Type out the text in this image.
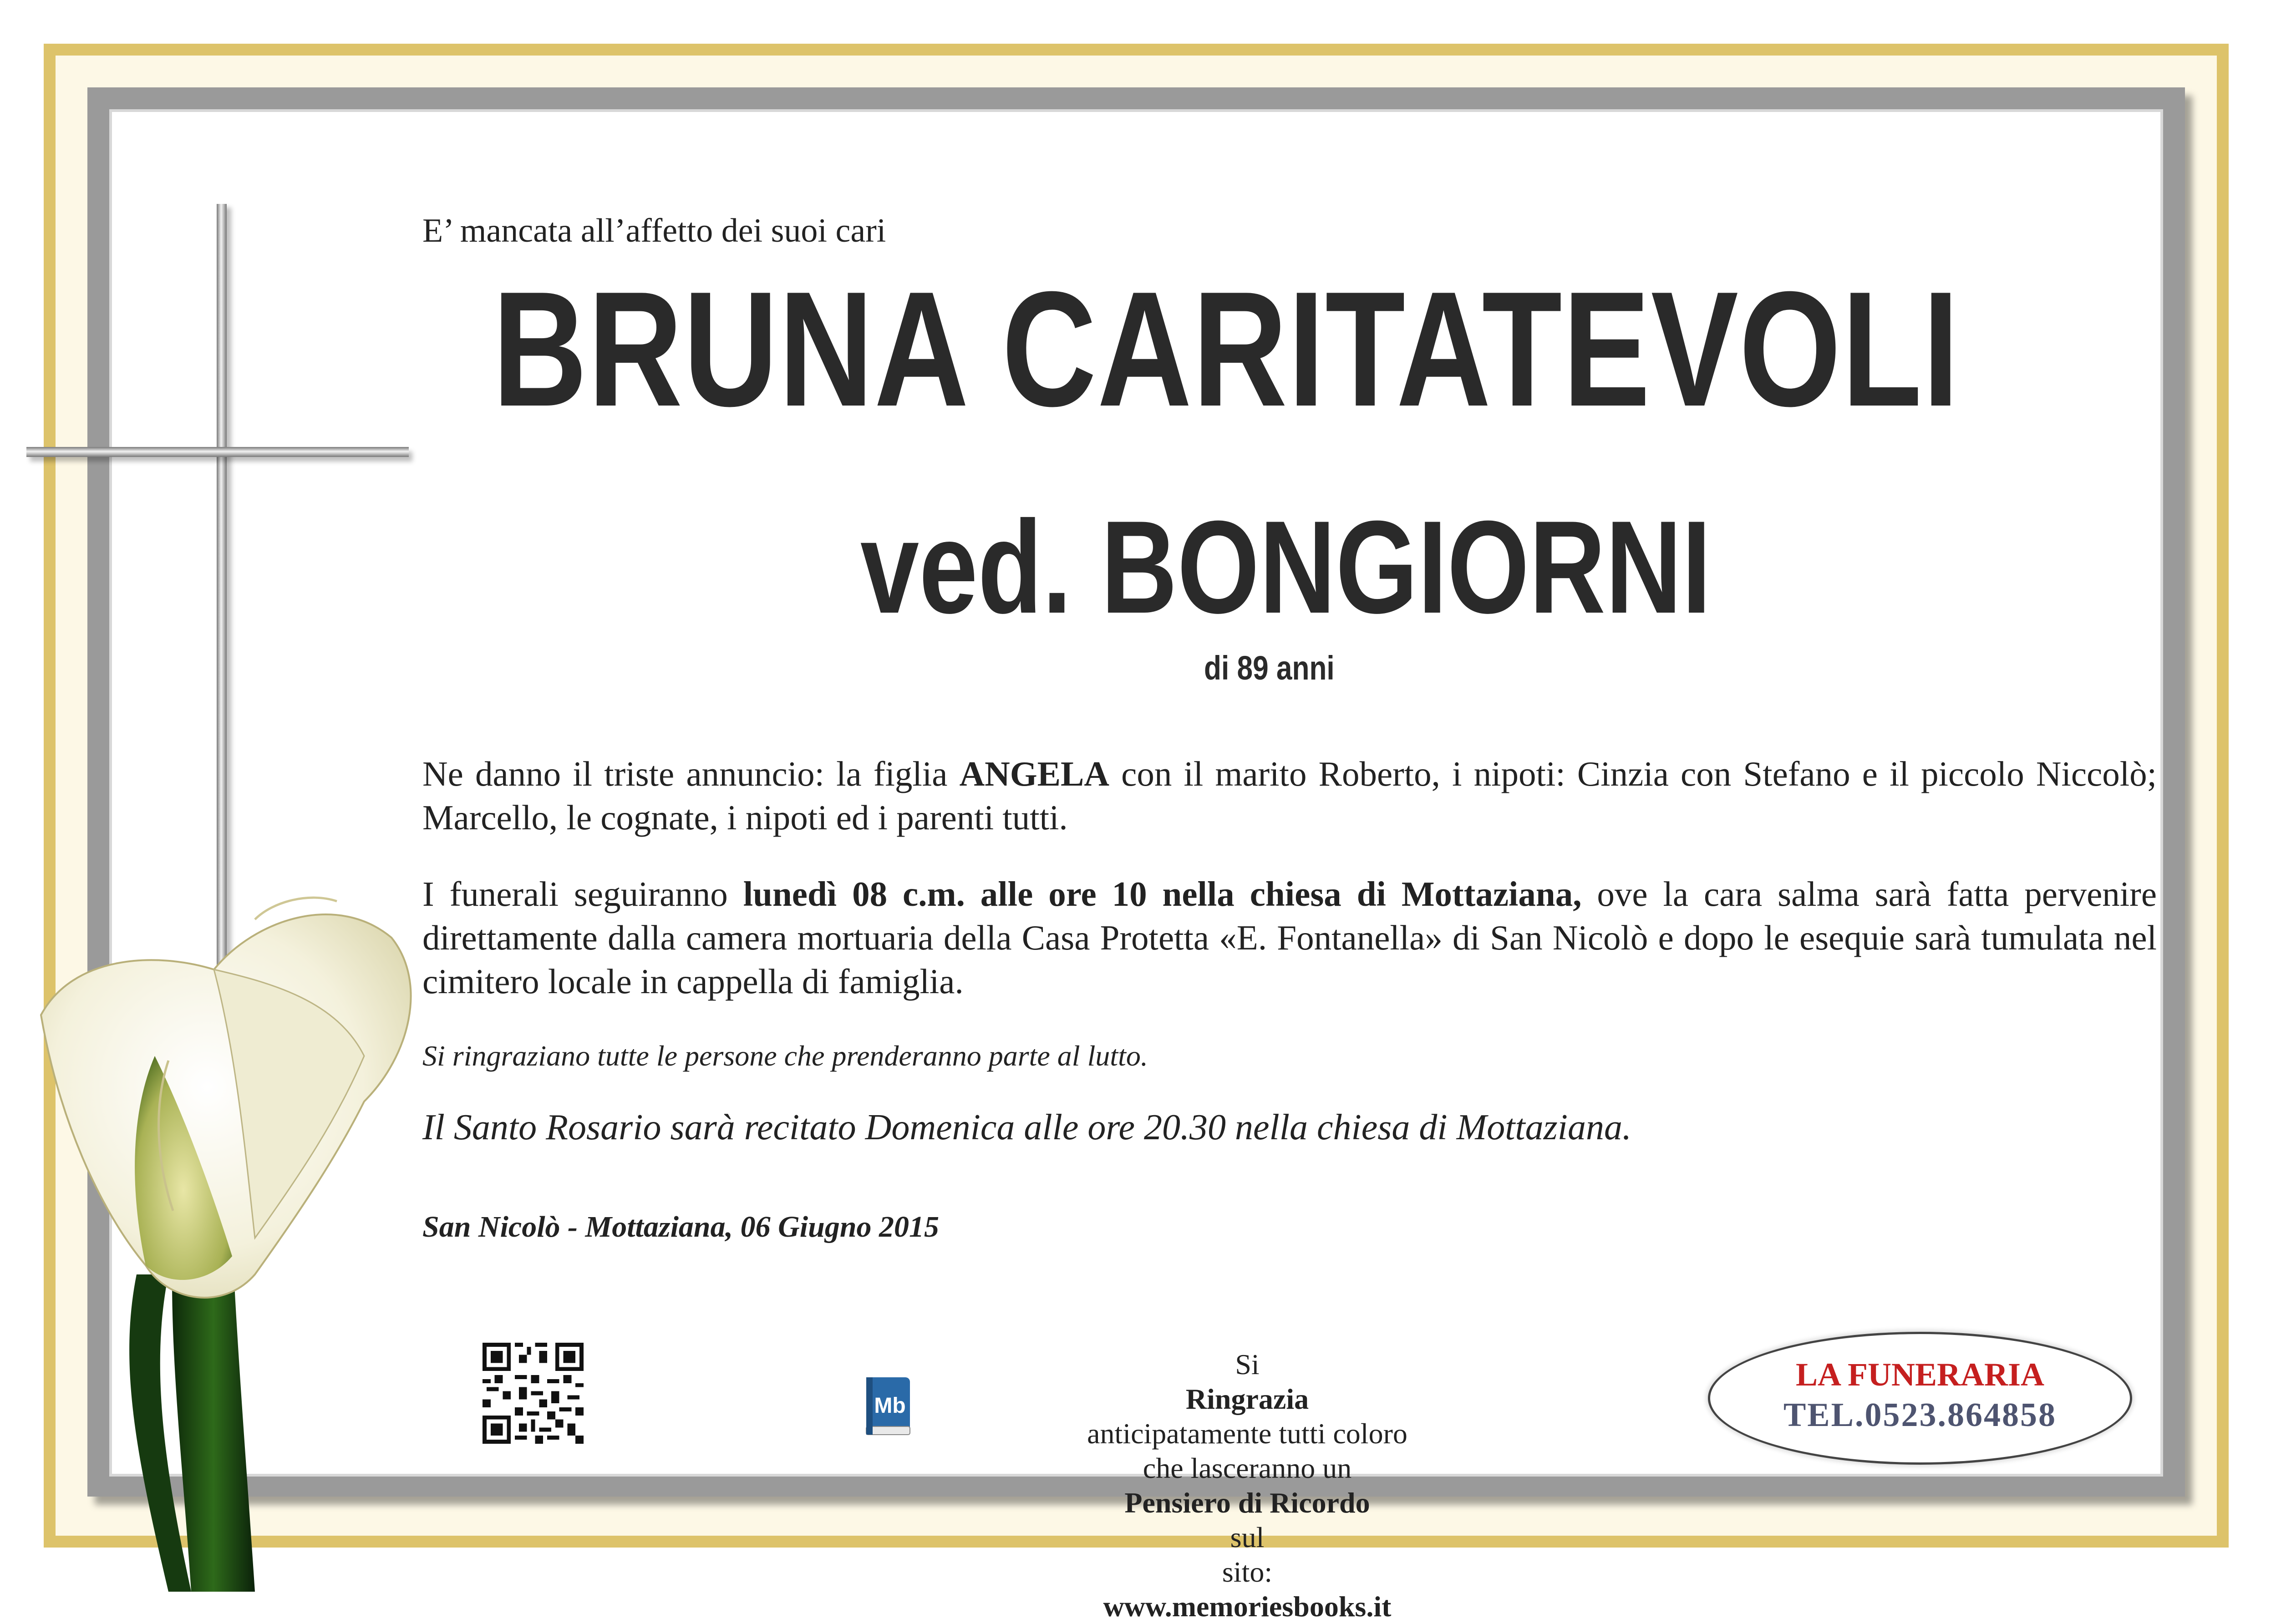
E’ mancata all’affetto dei suoi cari
BRUNA CARITATEVOLI
ved. BONGIORNI
di 89 anni
Ne danno il triste annuncio: la figlia ANGELA con il marito Roberto, i nipoti: Cinzia con Stefano e il piccolo Niccolò; Marcello, le cognate, i nipoti ed i parenti tutti.
I funerali seguiranno lunedì 08 c.m. alle ore 10 nella chiesa di Mottaziana, ove la cara salma sarà fatta pervenire direttamente dalla camera mortuaria della Casa Protetta «E. Fontanella» di San Nicolò e dopo le esequie sarà tumulata nel cimitero locale in cappella di famiglia.
Si ringraziano tutte le persone che prenderanno parte al lutto.
Il Santo Rosario sarà recitato Domenica alle ore 20.30 nella chiesa di Mottaziana.
San Nicolò - Mottaziana, 06 Giugno 2015
Mb
Si
Ringrazia
anticipatamente tutti coloro
che lasceranno un
Pensiero di Ricordo
sul
sito:
www.memoriesbooks.it
LA FUNERARIA
TEL.0523.864858
